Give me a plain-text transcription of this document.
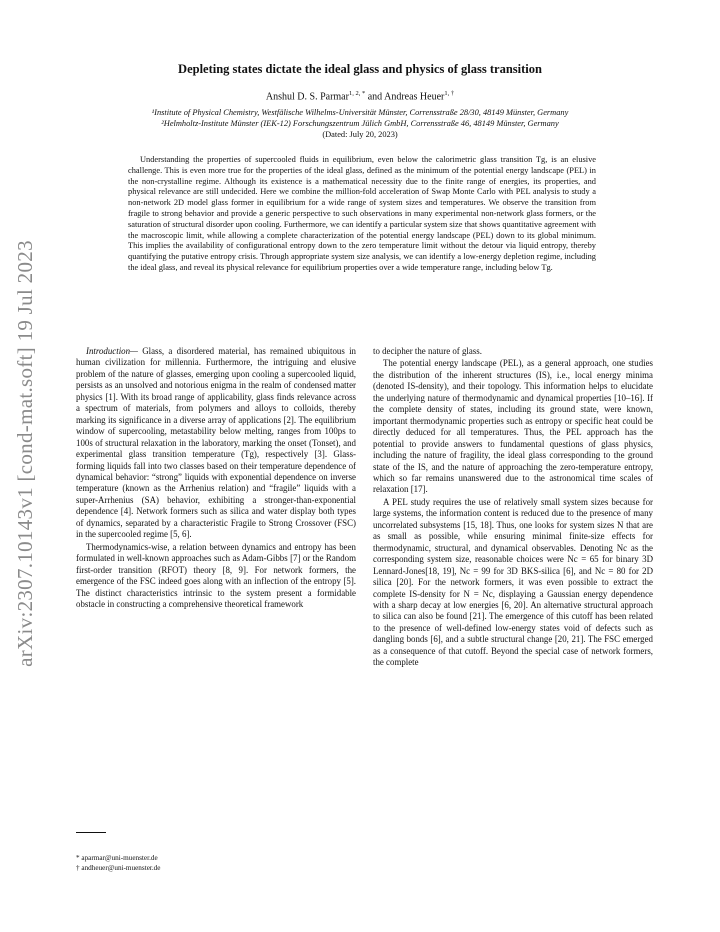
arXiv:2307.10143v1 [cond-mat.soft] 19 Jul 2023
Depleting states dictate the ideal glass and physics of glass transition
Anshul D. S. Parmar$^{1, 2, *}$ and Andreas Heuer$^{1, \dagger}$
¹Institute of Physical Chemistry, Westfälische Wilhelms-Universität Münster, Corrensstraße 28/30, 48149 Münster, Germany
²Helmholtz-Institute Münster (IEK-12) Forschungszentrum Jülich GmbH, Corrensstraße 46, 48149 Münster, Germany
(Dated: July 20, 2023)
Understanding the properties of supercooled fluids in equilibrium, even below the calorimetric glass transition Tg, is an elusive challenge. This is even more true for the properties of the ideal glass, defined as the minimum of the potential energy landscape (PEL) in the non-crystalline regime. Although its existence is a mathematical necessity due to the finite range of energies, its properties, and physical relevance are still undecided. Here we combine the million-fold acceleration of Swap Monte Carlo with PEL analysis to study a non-network 2D model glass former in equilibrium for a wide range of system sizes and temperatures. We observe the transition from fragile to strong behavior and provide a generic perspective to such observations in many experimental non-network glass formers, or the saturation of structural disorder upon cooling. Furthermore, we can identify a particular system size that shows quantitative agreement with the macroscopic limit, while allowing a complete characterization of the potential energy landscape (PEL) down to its global minimum. This implies the availability of configurational entropy down to the zero temperature limit without the detour via liquid entropy, thereby quantifying the putative entropy crisis. Through appropriate system size analysis, we can identify a low-energy depletion regime, including the ideal glass, and reveal its physical relevance for equilibrium properties over a wide temperature range, including below Tg.

Introduction— Glass, a disordered material, has remained ubiquitous in human civilization for millennia. Furthermore, the intriguing and elusive problem of the nature of glasses, emerging upon cooling a supercooled liquid, persists as an unsolved and notorious enigma in the realm of condensed matter physics [1]. With its broad range of applicability, glass finds relevance across a spectrum of materials, from polymers and alloys to colloids, thereby marking its significance in a diverse array of applications [2]. The equilibrium window of supercooling, metastability below melting, ranges from 100ps to 100s of structural relaxation in the laboratory, marking the onset (Tonset), and experimental glass transition temperature (Tg), respectively [3]. Glass-forming liquids fall into two classes based on their temperature dependence of dynamical behavior: “strong” liquids with exponential dependence on inverse temperature (known as the Arrhenius relation) and “fragile” liquids with a super-Arrhenius (SA) behavior, exhibiting a stronger-than-exponential dependence [4]. Network formers such as silica and water display both types of dynamics, separated by a characteristic Fragile to Strong Crossover (FSC) in the supercooled regime [5, 6].

Thermodynamics-wise, a relation between dynamics and entropy has been formulated in well-known approaches such as Adam-Gibbs [7] or the Random first-order transition (RFOT) theory [8, 9]. For network formers, the emergence of the FSC indeed goes along with an inflection of the entropy [5]. The distinct characteristics intrinsic to the system present a formidable obstacle in constructing a comprehensive theoretical framework

to decipher the nature of glass.

The potential energy landscape (PEL), as a general approach, one studies the distribution of the inherent structures (IS), i.e., local energy minima (denoted IS-density), and their topology. This information helps to elucidate the underlying nature of thermodynamic and dynamical properties [10–16]. If the complete density of states, including its ground state, were known, important thermodynamic properties such as entropy or specific heat could be directly deduced for all temperatures. Thus, the PEL approach has the potential to provide answers to fundamental questions of glass physics, including the nature of fragility, the ideal glass corresponding to the ground state of the IS, and the nature of approaching the zero-temperature entropy, which so far remains unanswered due to the astronomical time scales of relaxation [17].

A PEL study requires the use of relatively small system sizes because for large systems, the information content is reduced due to the presence of many uncorrelated subsystems [15, 18]. Thus, one looks for system sizes N that are as small as possible, while ensuring minimal finite-size effects for thermodynamic, structural, and dynamical observables. Denoting Nc as the corresponding system size, reasonable choices were Nc = 65 for binary 3D Lennard-Jones[18, 19], Nc = 99 for 3D BKS-silica [6], and Nc = 80 for 2D silica [20]. For the network formers, it was even possible to extract the complete IS-density for N = Nc, displaying a Gaussian energy dependence with a sharp decay at low energies [6, 20]. An alternative structural approach to silica can also be found [21]. The emergence of this cutoff has been related to the presence of well-defined low-energy states void of defects such as dangling bonds [6], and a subtle structural change [20, 21]. The FSC emerged as a consequence of that cutoff. Beyond the special case of network formers, the complete

* aparmar@uni-muenster.de
† andheuer@uni-muenster.de
